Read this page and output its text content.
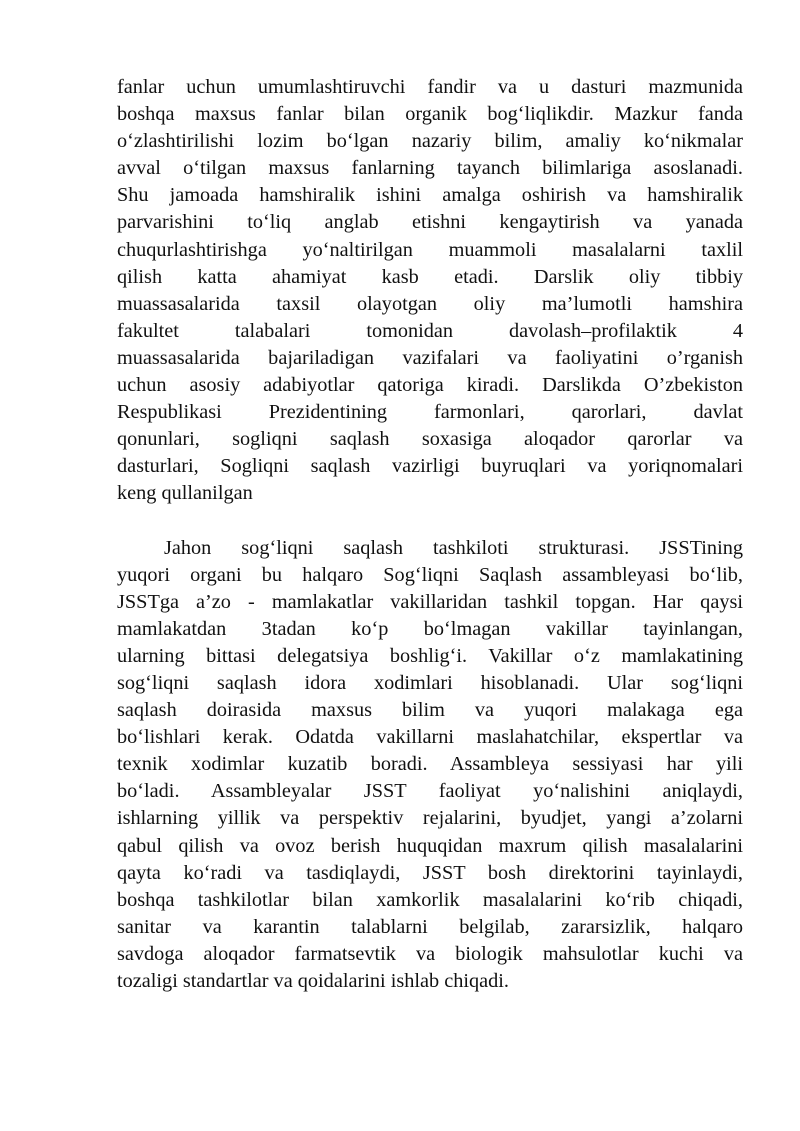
fanlar uchun umumlashtiruvchi fandir va u dasturi mazmunida
boshqa maxsus fanlar bilan organik bog‘liqlikdir. Mazkur fanda
o‘zlashtirilishi lozim bo‘lgan nazariy bilim, amaliy ko‘nikmalar
avval o‘tilgan maxsus fanlarning tayanch bilimlariga asoslanadi.
Shu jamoada hamshiralik ishini amalga oshirish va hamshiralik
parvarishini to‘liq anglab etishni kengaytirish va yanada
chuqurlashtirishga yo‘naltirilgan muammoli masalalarni taxlil
qilish katta ahamiyat kasb etadi. Darslik oliy tibbiy
muassasalarida taxsil olayotgan oliy ma’lumotli hamshira
fakultet talabalari tomonidan davolash–profilaktik 4
muassasalarida bajariladigan vazifalari va faoliyatini o’rganish
uchun asosiy adabiyotlar qatoriga kiradi. Darslikda O’zbekiston
Respublikasi Prezidentining farmonlari, qarorlari, davlat
qonunlari, sogliqni saqlash soxasiga aloqador qarorlar va
dasturlari, Sogliqni saqlash vazirligi buyruqlari va yoriqnomalari
keng qullanilgan
Jahon sog‘liqni saqlash tashkiloti strukturasi. JSSTining
yuqori organi bu halqaro Sog‘liqni Saqlash assambleyasi bo‘lib,
JSSTga a’zo - mamlakatlar vakillaridan tashkil topgan. Har qaysi
mamlakatdan 3tadan ko‘p bo‘lmagan vakillar tayinlangan,
ularning bittasi delegatsiya boshlig‘i. Vakillar o‘z mamlakatining
sog‘liqni saqlash idora xodimlari hisoblanadi. Ular sog‘liqni
saqlash doirasida maxsus bilim va yuqori malakaga ega
bo‘lishlari kerak. Odatda vakillarni maslahatchilar, ekspertlar va
texnik xodimlar kuzatib boradi. Assambleya sessiyasi har yili
bo‘ladi. Assambleyalar JSST faoliyat yo‘nalishini aniqlaydi,
ishlarning yillik va perspektiv rejalarini, byudjet, yangi a’zolarni
qabul qilish va ovoz berish huquqidan maxrum qilish masalalarini
qayta ko‘radi va tasdiqlaydi, JSST bosh direktorini tayinlaydi,
boshqa tashkilotlar bilan xamkorlik masalalarini ko‘rib chiqadi,
sanitar va karantin talablarni belgilab, zararsizlik, halqaro
savdoga aloqador farmatsevtik va biologik mahsulotlar kuchi va
tozaligi standartlar va qoidalarini ishlab chiqadi.
